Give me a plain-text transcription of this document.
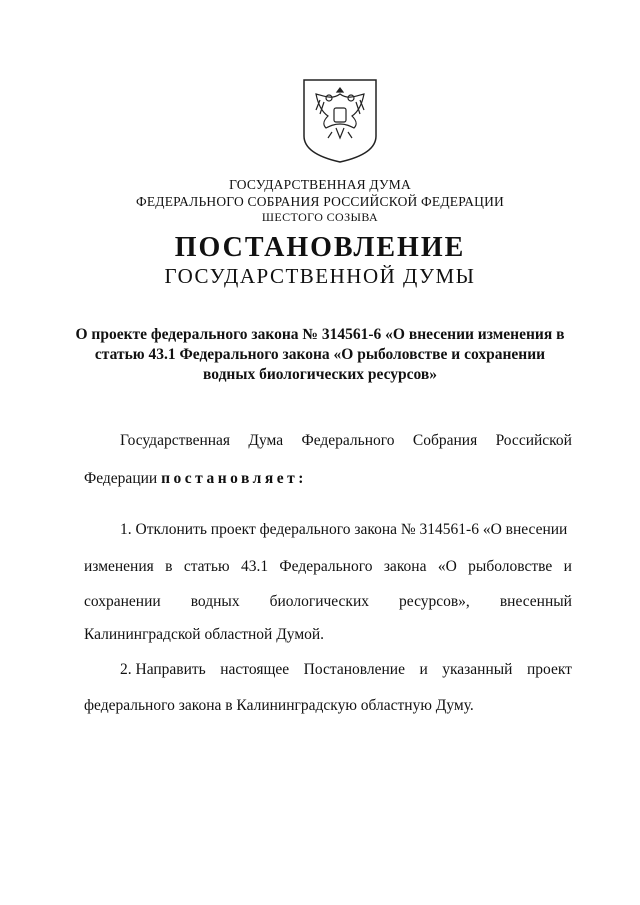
ГОСУДАРСТВЕННАЯ ДУМА
ФЕДЕРАЛЬНОГО СОБРАНИЯ РОССИЙСКОЙ ФЕДЕРАЦИИ
ШЕСТОГО СОЗЫВА
ПОСТАНОВЛЕНИЕ
ГОСУДАРСТВЕННОЙ ДУМЫ
О проекте федерального закона № 314561-6 «О внесении изменения в
статью 43.1 Федерального закона «О рыболовстве и сохранении
водных биологических ресурсов»
Государственная Дума Федерального Собрания Российской
Федерации постановляет:
1. Отклонить проект федерального закона № 314561-6 «О внесении
изменения в статью 43.1 Федерального закона «О рыболовстве и
сохранении водных биологических ресурсов», внесенный
Калининградской областной Думой.
2. Направить настоящее Постановление и указанный проект
федерального закона в Калининградскую областную Думу.
